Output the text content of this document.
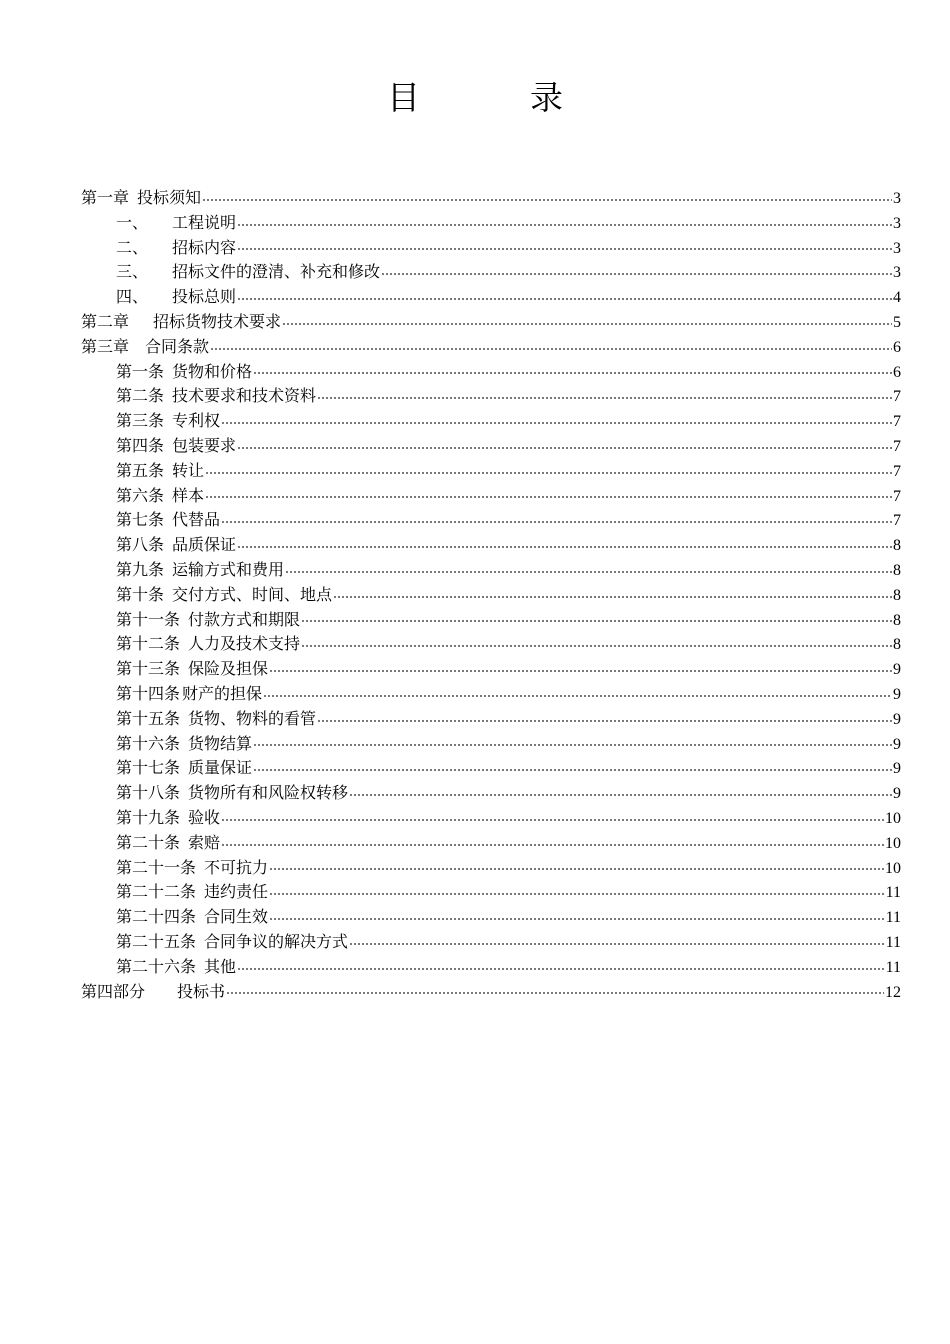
目	录
第一章 投标须知	3
一、 工程说明	3
二、 招标内容	3
三、 招标文件的澄清、补充和修改	3
四、 投标总则	4
第二章 招标货物技术要求	5
第三章 合同条款	6
第一条 货物和价格	6
第二条 技术要求和技术资料	7
第三条 专利权	7
第四条 包装要求	7
第五条 转让	7
第六条 样本	7
第七条 代替品	7
第八条 品质保证	8
第九条 运输方式和费用	8
第十条 交付方式、时间、地点	8
第十一条 付款方式和期限	8
第十二条 人力及技术支持	8
第十三条 保险及担保	9
第十四条 财产的担保	9
第十五条 货物、物料的看管	9
第十六条 货物结算	9
第十七条 质量保证	9
第十八条 货物所有和风险权转移	9
第十九条 验收	10
第二十条 索赔	10
第二十一条 不可抗力	10
第二十二条 违约责任	11
第二十四条 合同生效	11
第二十五条 合同争议的解决方式	11
第二十六条 其他	11
第四部分 投标书	12
